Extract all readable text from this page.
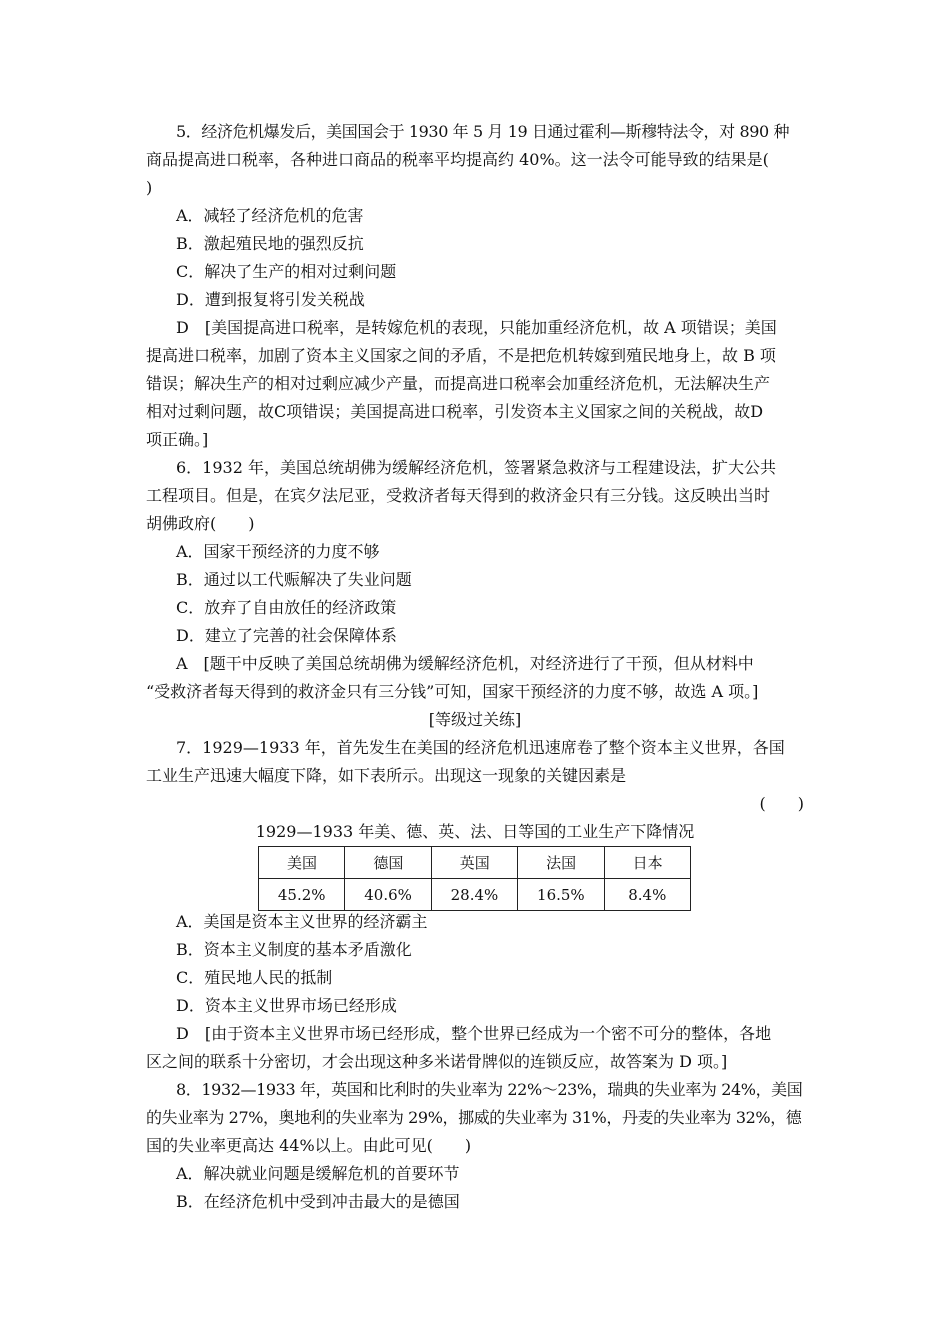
5．经济危机爆发后，美国国会于 1930 年 5 月 19 日通过霍利—斯穆特法令，对 890 种
商品提高进口税率，各种进口商品的税率平均提高约 40%。这一法令可能导致的结果是(
)
A．减轻了经济危机的危害
B．激起殖民地的强烈反抗
C．解决了生产的相对过剩问题
D．遭到报复将引发关税战
D　[美国提高进口税率，是转嫁危机的表现，只能加重经济危机，故 A 项错误；美国
提高进口税率，加剧了资本主义国家之间的矛盾，不是把危机转嫁到殖民地身上，故 B 项
错误；解决生产的相对过剩应减少产量，而提高进口税率会加重经济危机，无法解决生产
相对过剩问题，故C项错误；美国提高进口税率，引发资本主义国家之间的关税战，故D
项正确。]
6．1932 年，美国总统胡佛为缓解经济危机，签署紧急救济与工程建设法，扩大公共
工程项目。但是，在宾夕法尼亚，受救济者每天得到的救济金只有三分钱。这反映出当时
胡佛政府(　　)
A．国家干预经济的力度不够
B．通过以工代赈解决了失业问题
C．放弃了自由放任的经济政策
D．建立了完善的社会保障体系
A　[题干中反映了美国总统胡佛为缓解经济危机，对经济进行了干预，但从材料中
“受救济者每天得到的救济金只有三分钱”可知，国家干预经济的力度不够，故选 A 项。]
[等级过关练]
7．1929—1933 年，首先发生在美国的经济危机迅速席卷了整个资本主义世界，各国
工业生产迅速大幅度下降，如下表所示。出现这一现象的关键因素是
(　　)
1929—1933 年美、德、英、法、日等国的工业生产下降情况
美国	德国	英国	法国	日本
45.2%	40.6%	28.4%	16.5%	8.4%
A．美国是资本主义世界的经济霸主
B．资本主义制度的基本矛盾激化
C．殖民地人民的抵制
D．资本主义世界市场已经形成
D　[由于资本主义世界市场已经形成，整个世界已经成为一个密不可分的整体，各地
区之间的联系十分密切，才会出现这种多米诺骨牌似的连锁反应，故答案为 D 项。]
8．1932—1933 年，英国和比利时的失业率为 22%～23%，瑞典的失业率为 24%，美国
的失业率为 27%，奥地利的失业率为 29%，挪威的失业率为 31%，丹麦的失业率为 32%，德
国的失业率更高达 44%以上。由此可见(　　)
A．解决就业问题是缓解危机的首要环节
B．在经济危机中受到冲击最大的是德国
